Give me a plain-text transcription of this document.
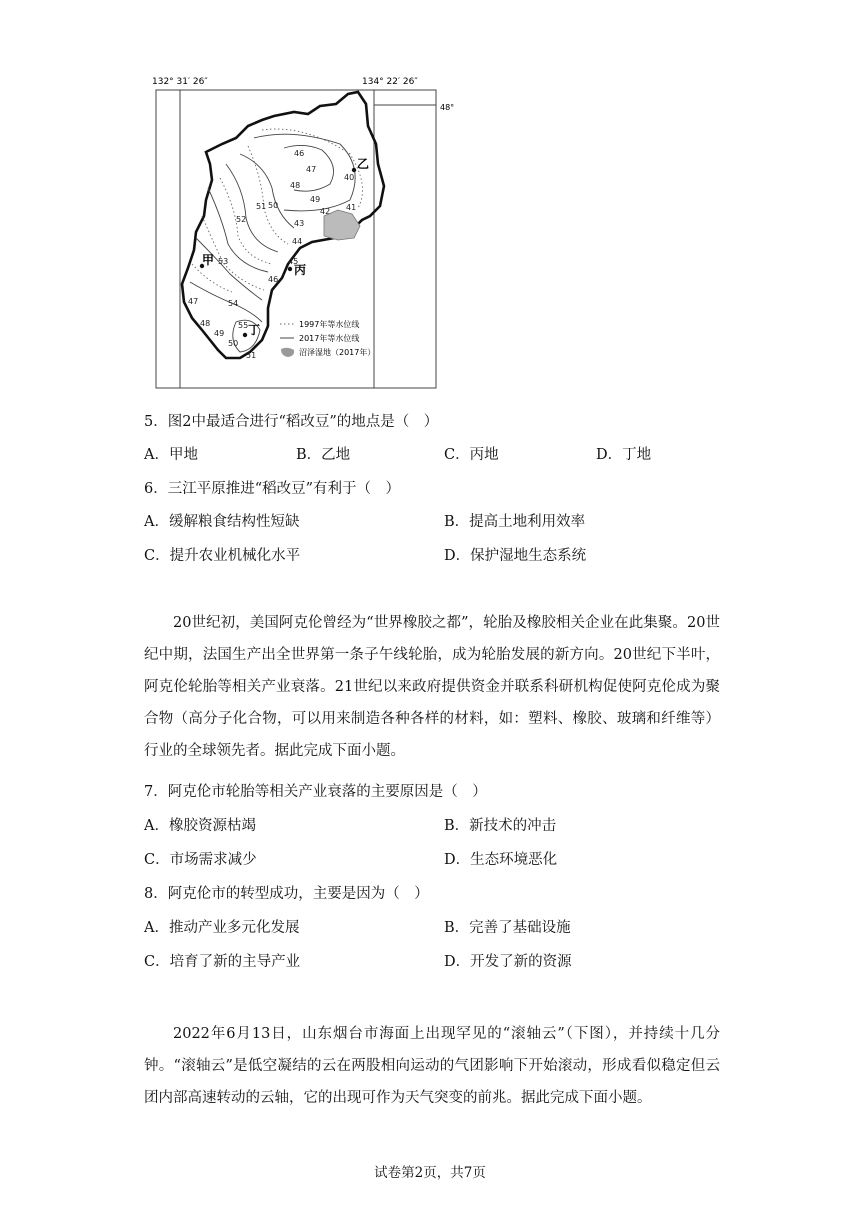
132° 31′ 26″	134° 22′ 26″
48°
46
47
48
49
42 41
40
51 50
52	43
44
45
46
53
54
47
48
49
50
55
51
乙
甲
丙
丁	1997年等水位线
2017年等水位线
沼泽湿地（2017年）
5．图2中最适合进行“稻改豆”的地点是（　）
A．甲地	B．乙地	C．丙地	D．丁地
6．三江平原推进“稻改豆”有利于（　）
A．缓解粮食结构性短缺	B．提高土地利用效率
C．提升农业机械化水平	D．保护湿地生态系统
20世纪初，美国阿克伦曾经为“世界橡胶之都”，轮胎及橡胶相关企业在此集聚。20世纪中期，法国生产出全世界第一条子午线轮胎，成为轮胎发展的新方向。20世纪下半叶，阿克伦轮胎等相关产业衰落。21世纪以来政府提供资金并联系科研机构促使阿克伦成为聚合物（高分子化合物，可以用来制造各种各样的材料，如：塑料、橡胶、玻璃和纤维等）行业的全球领先者。据此完成下面小题。
7．阿克伦市轮胎等相关产业衰落的主要原因是（　）
A．橡胶资源枯竭	B．新技术的冲击
C．市场需求减少	D．生态环境恶化
8．阿克伦市的转型成功，主要是因为（　）
A．推动产业多元化发展	B．完善了基础设施
C．培育了新的主导产业	D．开发了新的资源
2022年6月13日，山东烟台市海面上出现罕见的“滚轴云”（下图），并持续十几分钟。“滚轴云”是低空凝结的云在两股相向运动的气团影响下开始滚动，形成看似稳定但云团内部高速转动的云轴，它的出现可作为天气突变的前兆。据此完成下面小题。
试卷第2页，共7页
